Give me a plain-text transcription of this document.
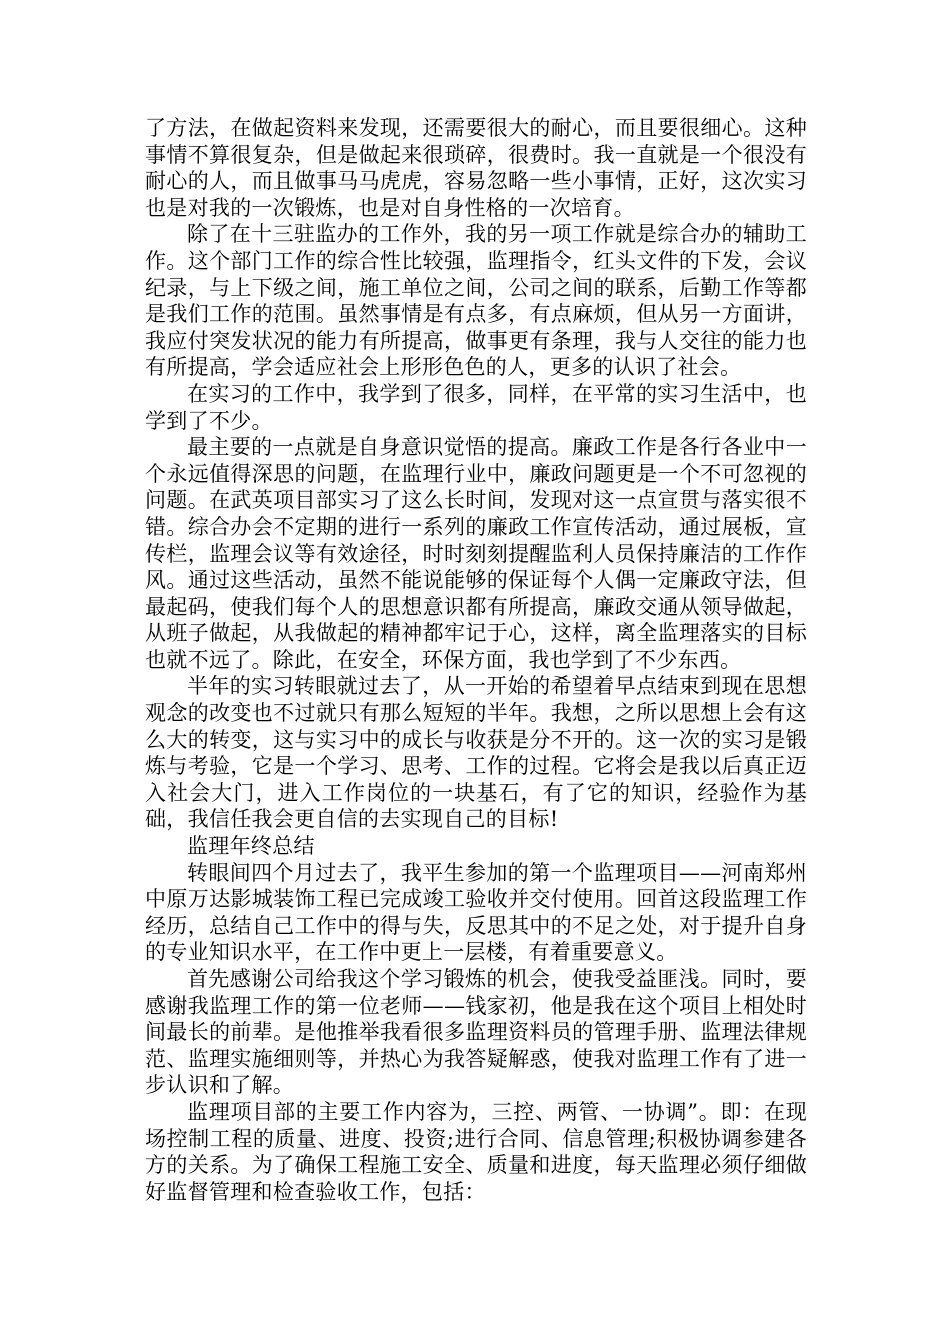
了方法，在做起资料来发现，还需要很大的耐心，而且要很细心。这种事情不算很复杂，但是做起来很琐碎，很费时。我一直就是一个很没有耐心的人，而且做事马马虎虎，容易忽略一些小事情，正好，这次实习也是对我的一次锻炼，也是对自身性格的一次培育。

除了在十三驻监办的工作外，我的另一项工作就是综合办的辅助工作。这个部门工作的综合性比较强，监理指令，红头文件的下发，会议纪录，与上下级之间，施工单位之间，公司之间的联系，后勤工作等都是我们工作的范围。虽然事情是有点多，有点麻烦，但从另一方面讲，我应付突发状况的能力有所提高，做事更有条理，我与人交往的能力也有所提高，学会适应社会上形形色色的人，更多的认识了社会。

在实习的工作中，我学到了很多，同样，在平常的实习生活中，也学到了不少。

最主要的一点就是自身意识觉悟的提高。廉政工作是各行各业中一个永远值得深思的问题，在监理行业中，廉政问题更是一个不可忽视的问题。在武英项目部实习了这么长时间，发现对这一点宣贯与落实很不错。综合办会不定期的进行一系列的廉政工作宣传活动，通过展板，宣传栏，监理会议等有效途径，时时刻刻提醒监利人员保持廉洁的工作作风。通过这些活动，虽然不能说能够的保证每个人偶一定廉政守法，但最起码，使我们每个人的思想意识都有所提高，廉政交通从领导做起，从班子做起，从我做起的精神都牢记于心，这样，离全监理落实的目标也就不远了。除此，在安全，环保方面，我也学到了不少东西。

半年的实习转眼就过去了，从一开始的希望着早点结束到现在思想观念的改变也不过就只有那么短短的半年。我想，之所以思想上会有这么大的转变，这与实习中的成长与收获是分不开的。这一次的实习是锻炼与考验，它是一个学习、思考、工作的过程。它将会是我以后真正迈入社会大门，进入工作岗位的一块基石，有了它的知识，经验作为基础，我信任我会更自信的去实现自己的目标!

监理年终总结

转眼间四个月过去了，我平生参加的第一个监理项目——河南郑州中原万达影城装饰工程已完成竣工验收并交付使用。回首这段监理工作经历，总结自己工作中的得与失，反思其中的不足之处，对于提升自身的专业知识水平，在工作中更上一层楼，有着重要意义。

首先感谢公司给我这个学习锻炼的机会，使我受益匪浅。同时，要感谢我监理工作的第一位老师——钱家初，他是我在这个项目上相处时间最长的前辈。是他推举我看很多监理资料员的管理手册、监理法律规范、监理实施细则等，并热心为我答疑解惑，使我对监理工作有了进一步认识和了解。

监理项目部的主要工作内容为，三控、两管、一协调”。即：在现场控制工程的质量、进度、投资;进行合同、信息管理;积极协调参建各方的关系。为了确保工程施工安全、质量和进度，每天监理必须仔细做好监督管理和检查验收工作，包括：
